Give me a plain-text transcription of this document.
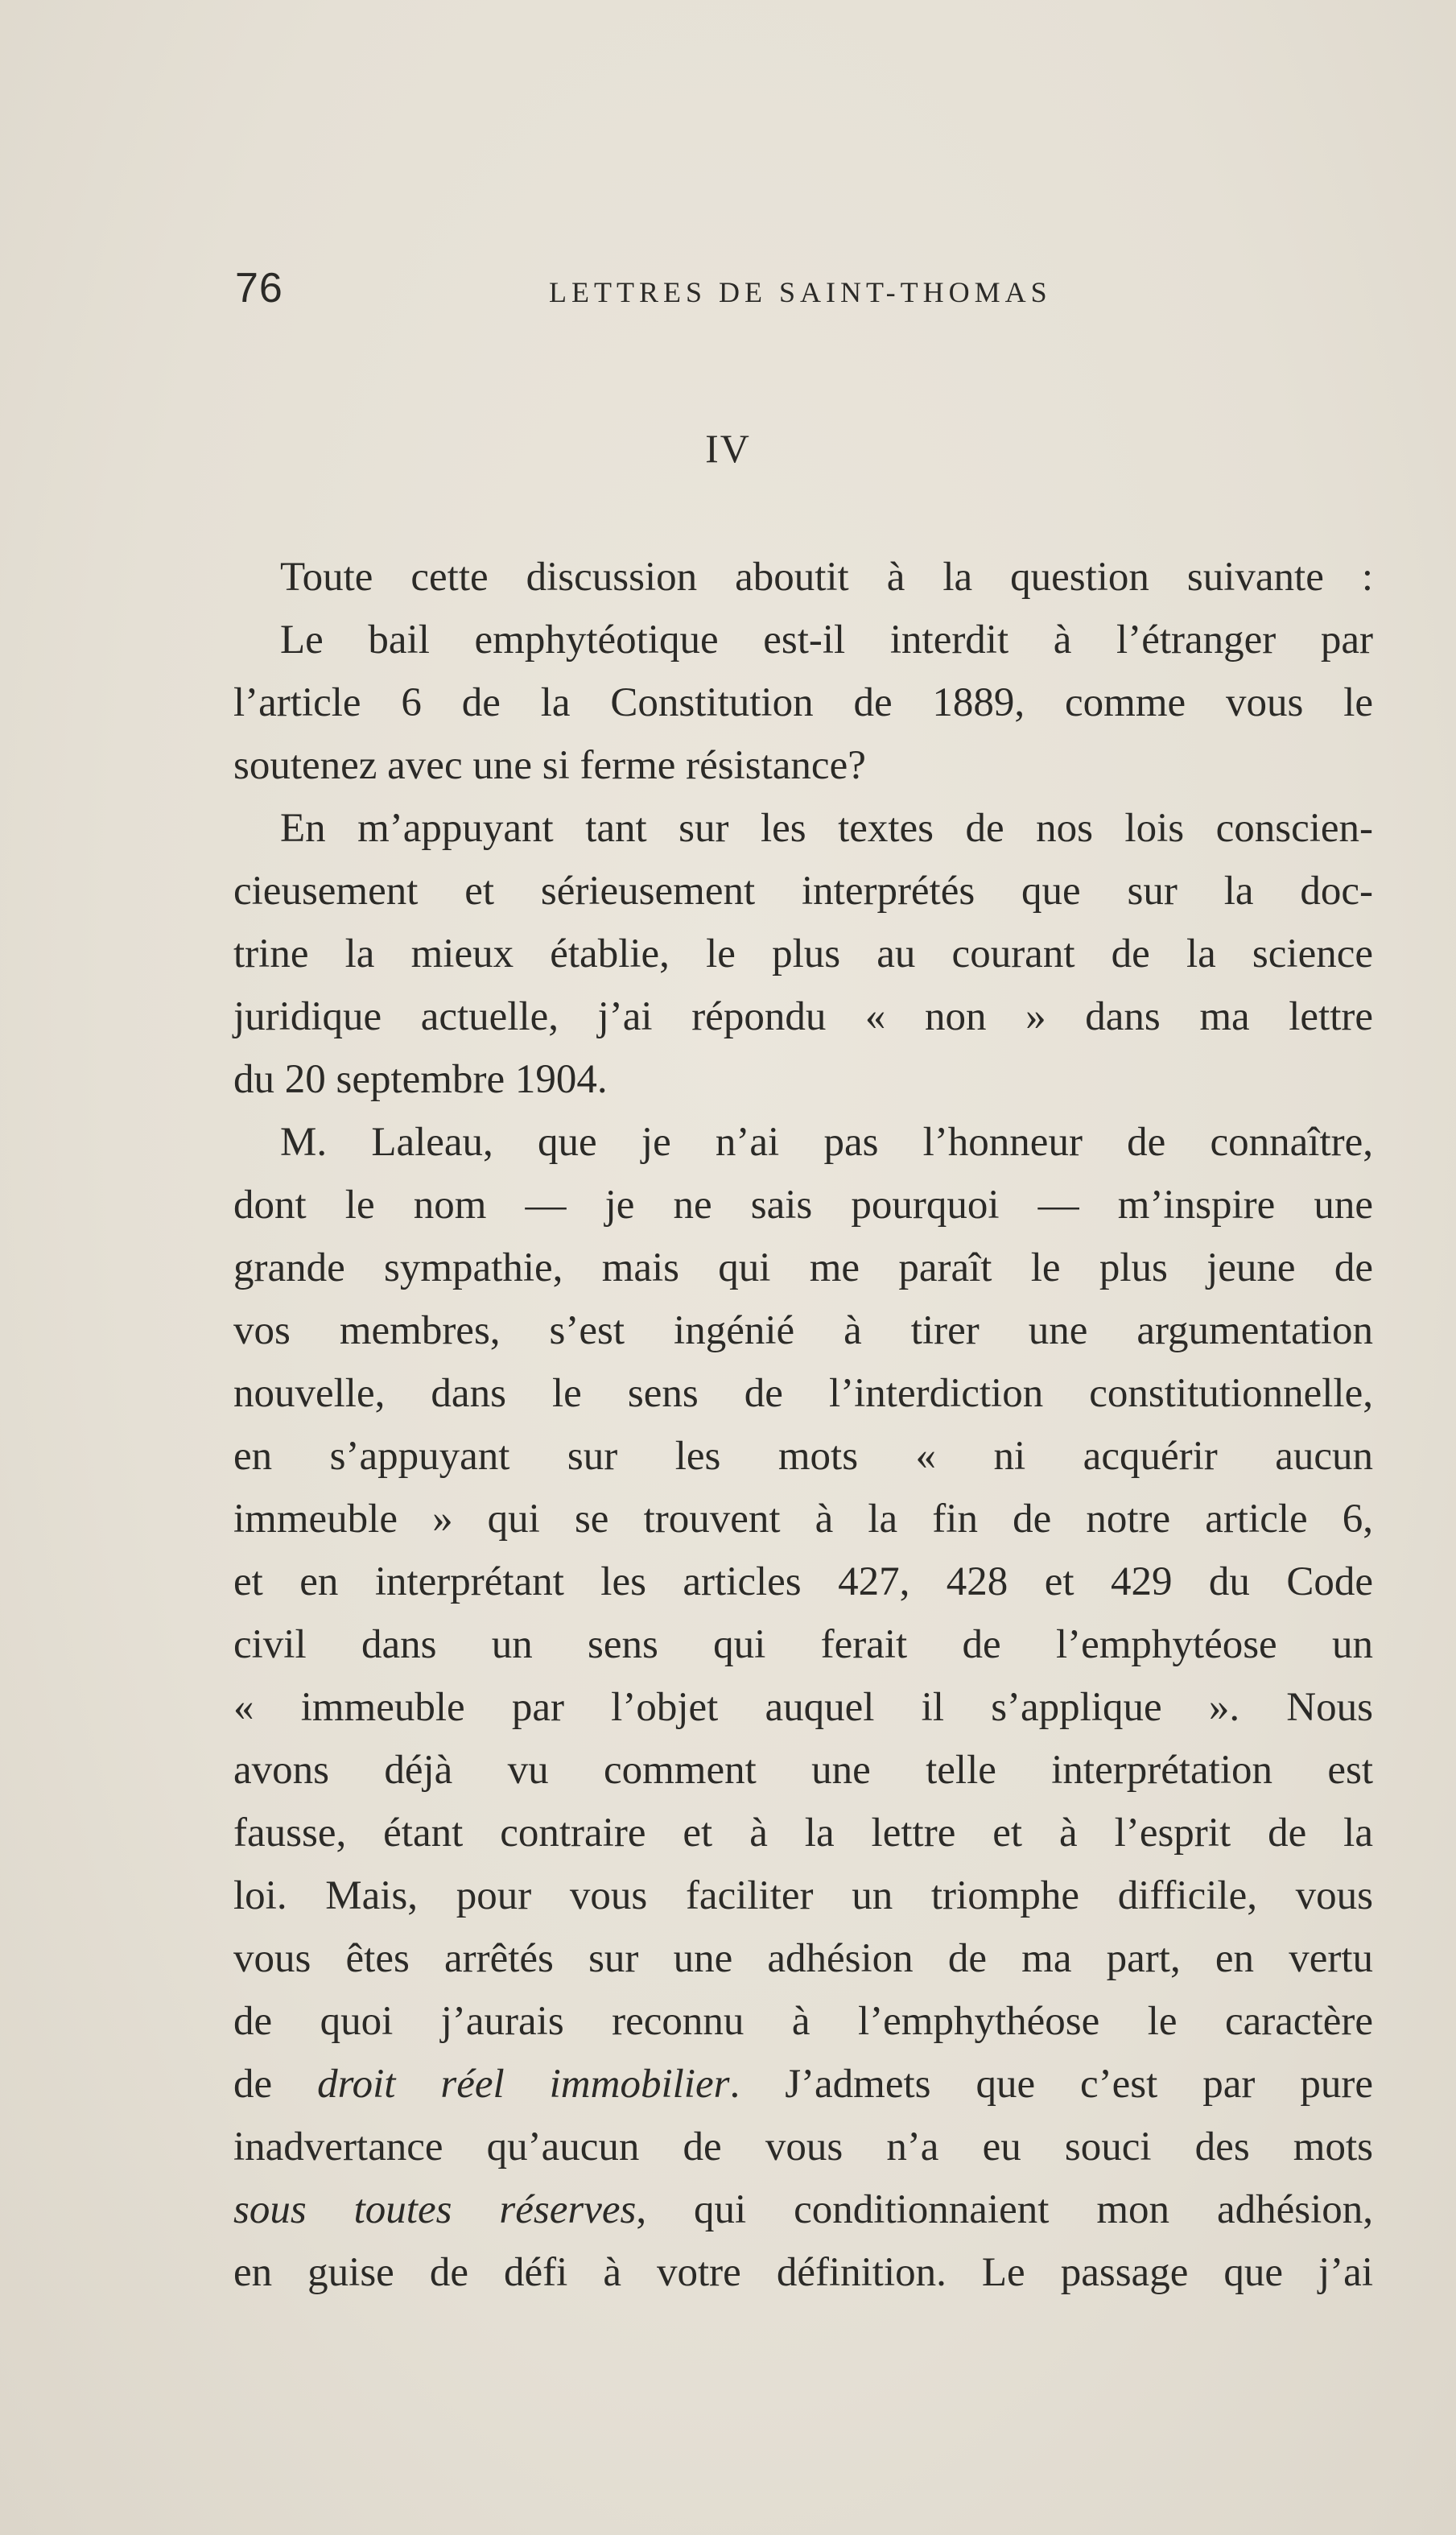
76	LETTRES DE SAINT-THOMAS
IV
Toute cette discussion aboutit à la question suivante :
Le bail emphytéotique est-il interdit à l’étranger par
l’article 6 de la Constitution de 1889, comme vous le
soutenez avec une si ferme résistance?
En m’appuyant tant sur les textes de nos lois conscien-
cieusement et sérieusement interprétés que sur la doc-
trine la mieux établie, le plus au courant de la science
juridique actuelle, j’ai répondu « non » dans ma lettre
du 20 septembre 1904.
M. Laleau, que je n’ai pas l’honneur de connaître,
dont le nom — je ne sais pourquoi — m’inspire une
grande sympathie, mais qui me paraît le plus jeune de
vos membres, s’est ingénié à tirer une argumentation
nouvelle, dans le sens de l’interdiction constitutionnelle,
en s’appuyant sur les mots « ni acquérir aucun
immeuble » qui se trouvent à la fin de notre article 6,
et en interprétant les articles 427, 428 et 429 du Code
civil dans un sens qui ferait de l’emphytéose un
« immeuble par l’objet auquel il s’applique ». Nous
avons déjà vu comment une telle interprétation est
fausse, étant contraire et à la lettre et à l’esprit de la
loi. Mais, pour vous faciliter un triomphe difficile, vous
vous êtes arrêtés sur une adhésion de ma part, en vertu
de quoi j’aurais reconnu à l’emphythéose le caractère
de droit réel immobilier. J’admets que c’est par pure
inadvertance qu’aucun de vous n’a eu souci des mots
sous toutes réserves, qui conditionnaient mon adhésion,
en guise de défi à votre définition. Le passage que j’ai
